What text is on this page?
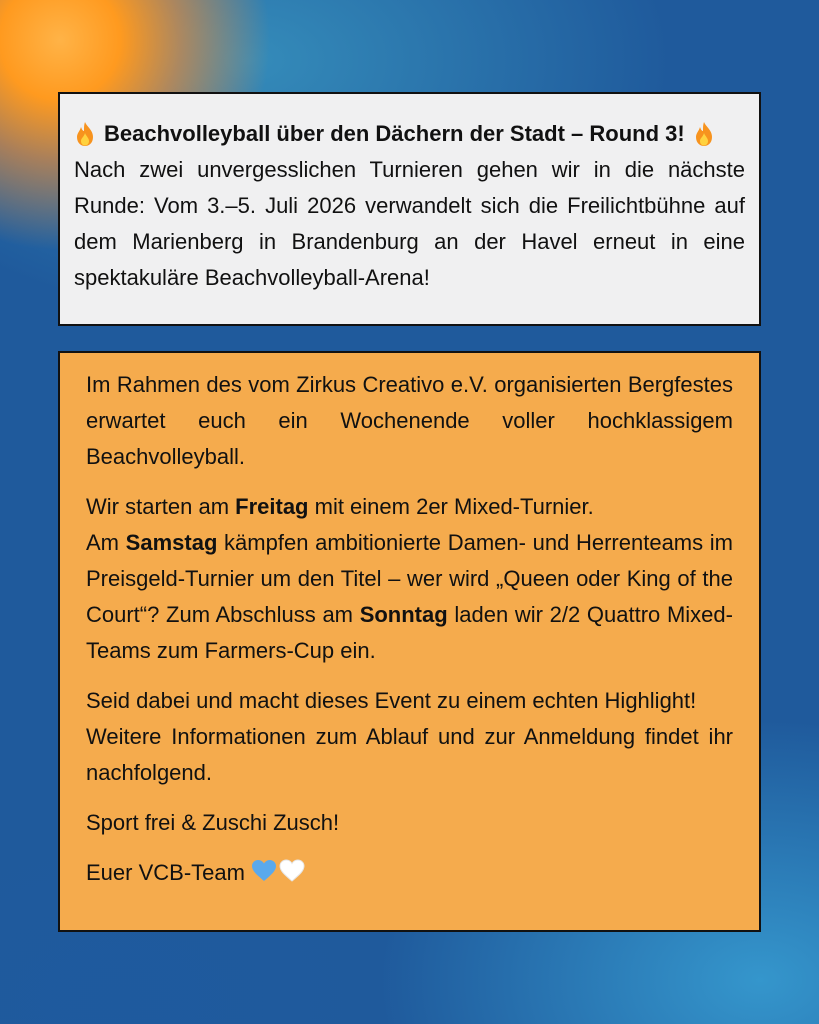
Beachvolleyball über den Dächern der Stadt – Round 3!

Nach zwei unvergesslichen Turnieren gehen wir in die nächste Runde: Vom 3.–5. Juli 2026 verwandelt sich die Freilichtbühne auf dem Marienberg in Brandenburg an der Havel erneut in eine spektakuläre Beachvolleyball-Arena!

Im Rahmen des vom Zirkus Creativo e.V. organisierten Bergfestes erwartet euch ein Wochenende voller hochklassigem Beachvolleyball.

Wir starten am Freitag mit einem 2er Mixed-Turnier.
Am Samstag kämpfen ambitionierte Damen- und Herrenteams im Preisgeld-Turnier um den Titel – wer wird „Queen oder King of the Court“? Zum Abschluss am Sonntag laden wir 2/2 Quattro Mixed-Teams zum Farmers-Cup ein.

Seid dabei und macht dieses Event zu einem echten Highlight!
Weitere Informationen zum Ablauf und zur Anmeldung findet ihr nachfolgend.

Sport frei & Zuschi Zusch!

Euer VCB-Team
